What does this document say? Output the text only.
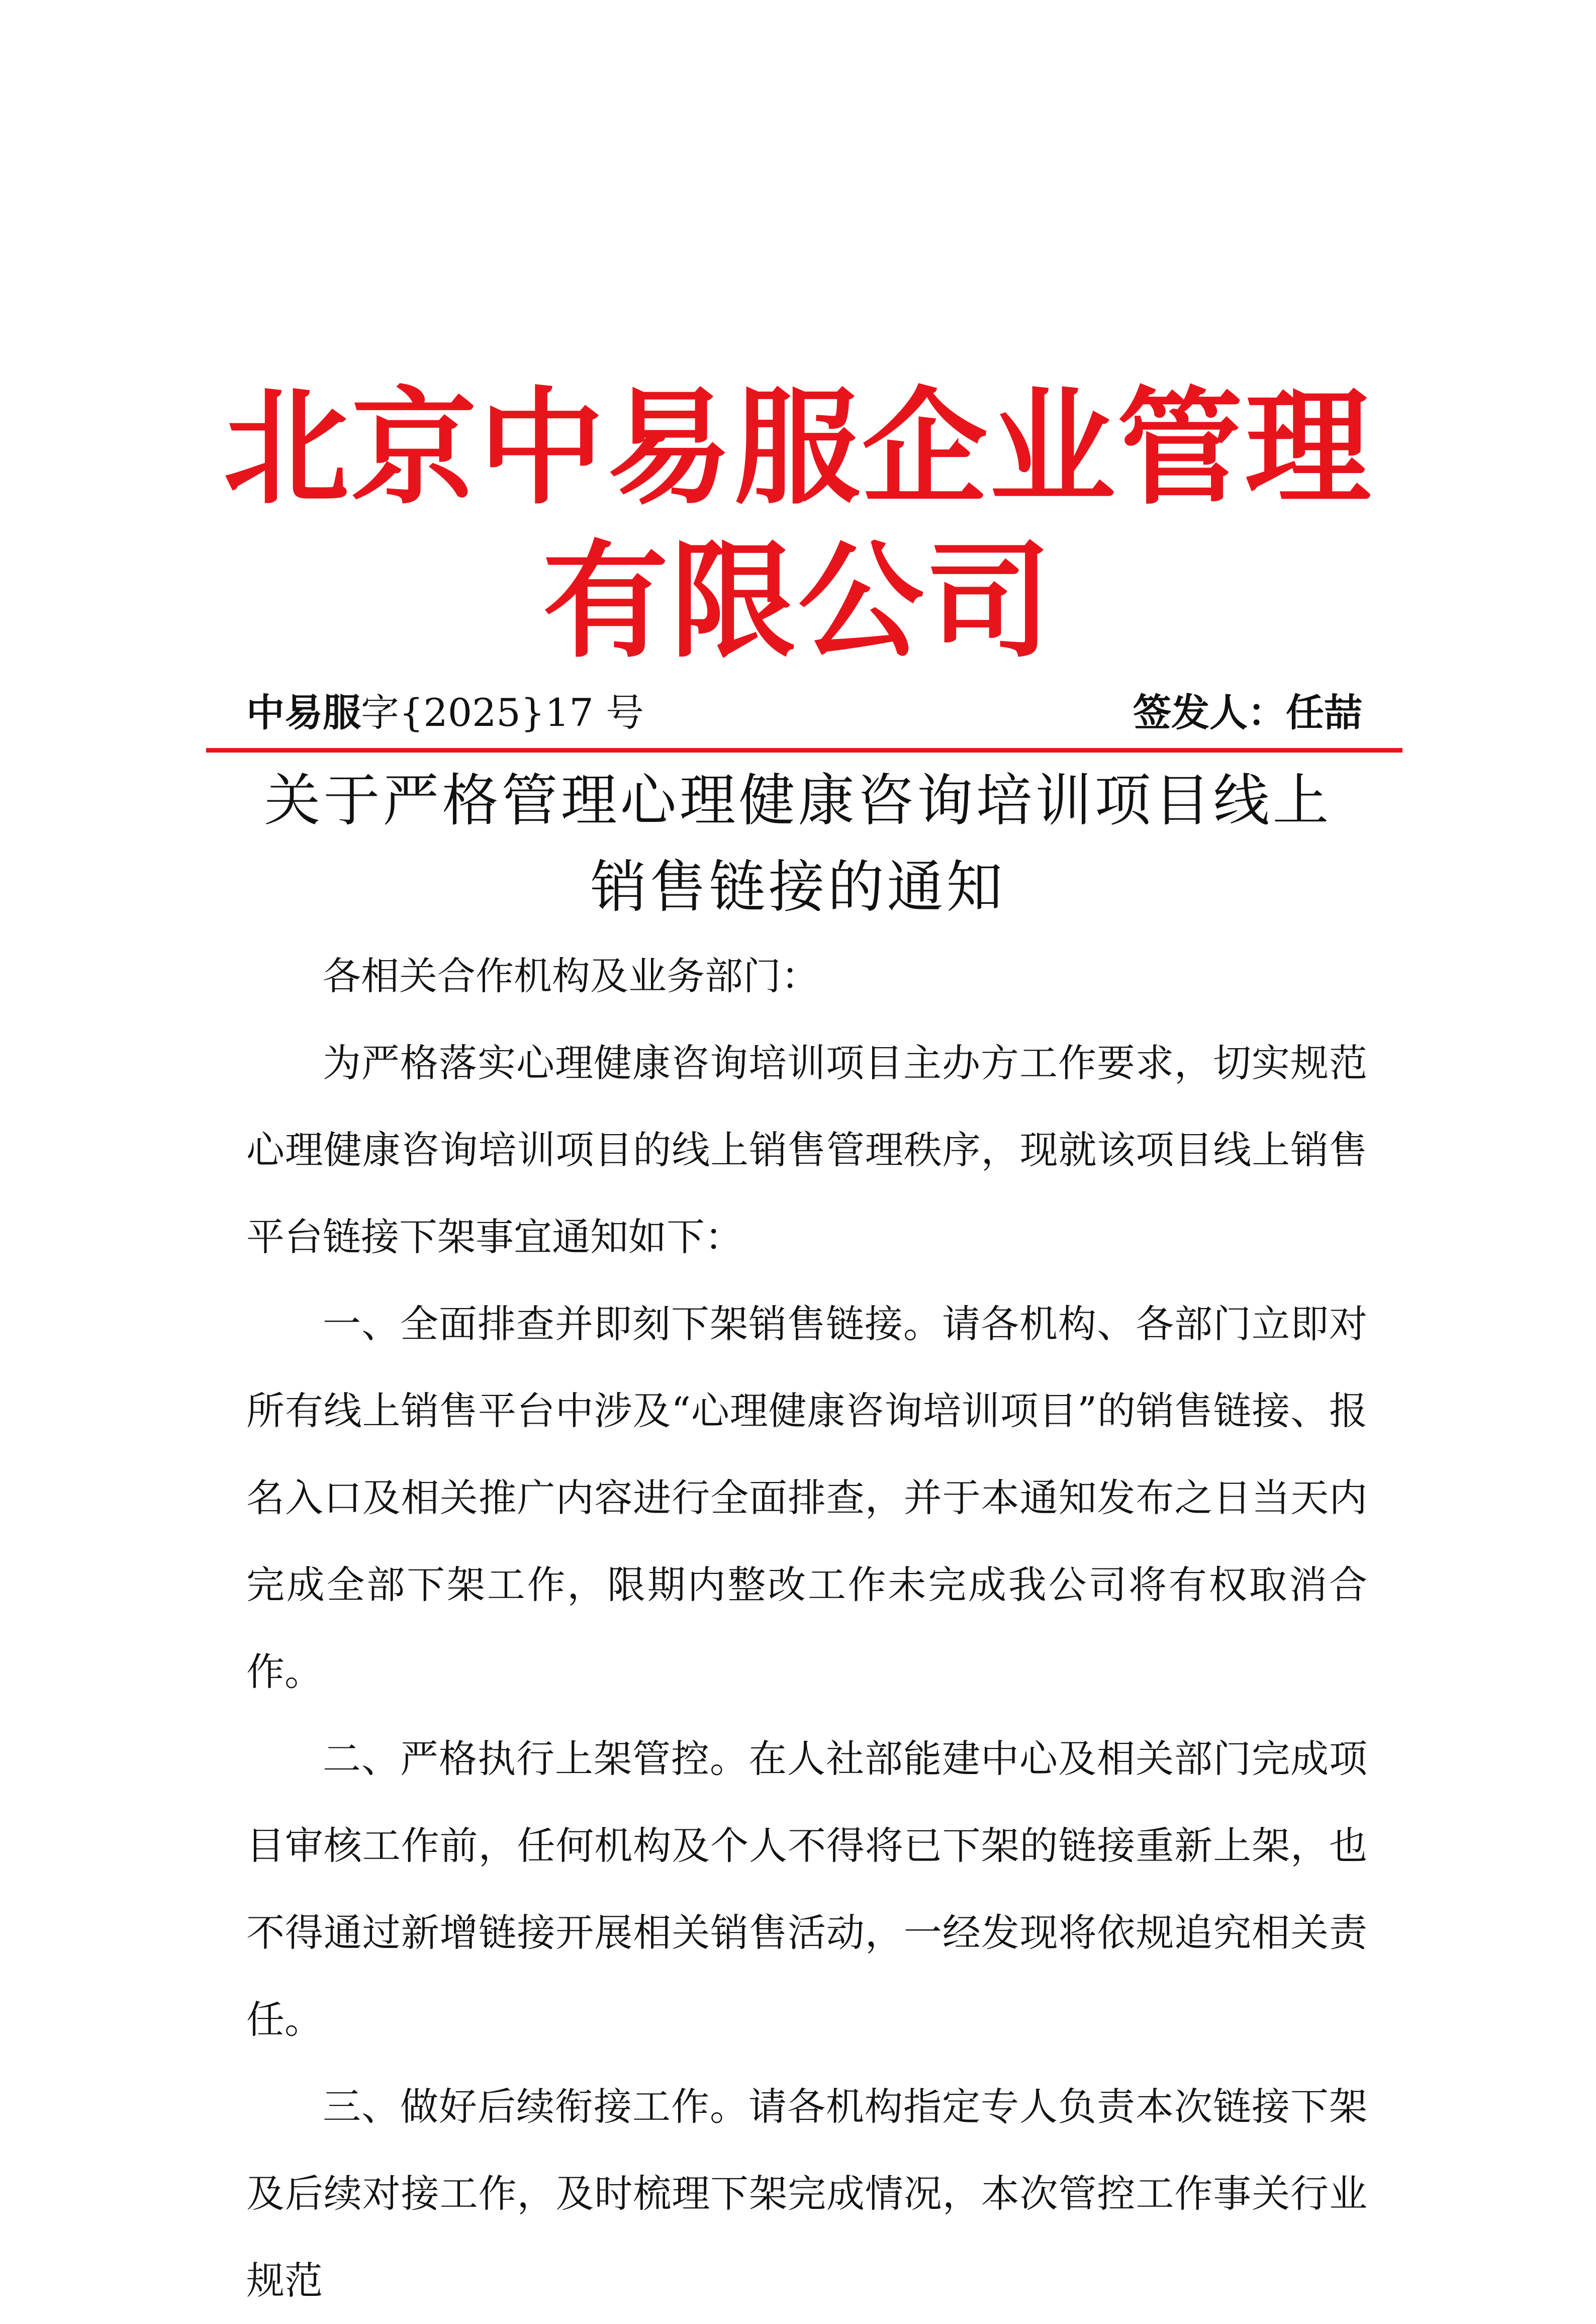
北京中易服企业管理
有限公司
中易服字{2025}17 号	签发人：任喆
关于严格管理心理健康咨询培训项目线上
销售链接的通知

各相关合作机构及业务部门：

为严格落实心理健康咨询培训项目主办方工作要求，切实规范心理健康咨询培训项目的线上销售管理秩序，现就该项目线上销售平台链接下架事宜通知如下：

一、全面排查并即刻下架销售链接。请各机构、各部门立即对所有线上销售平台中涉及“心理健康咨询培训项目”的销售链接、报名入口及相关推广内容进行全面排查，并于本通知发布之日当天内完成全部下架工作，限期内整改工作未完成我公司将有权取消合作。

二、严格执行上架管控。在人社部能建中心及相关部门完成项目审核工作前，任何机构及个人不得将已下架的链接重新上架，也不得通过新增链接开展相关销售活动，一经发现将依规追究相关责任。

三、做好后续衔接工作。请各机构指定专人负责本次链接下架及后续对接工作，及时梳理下架完成情况，本次管控工作事关行业规范
